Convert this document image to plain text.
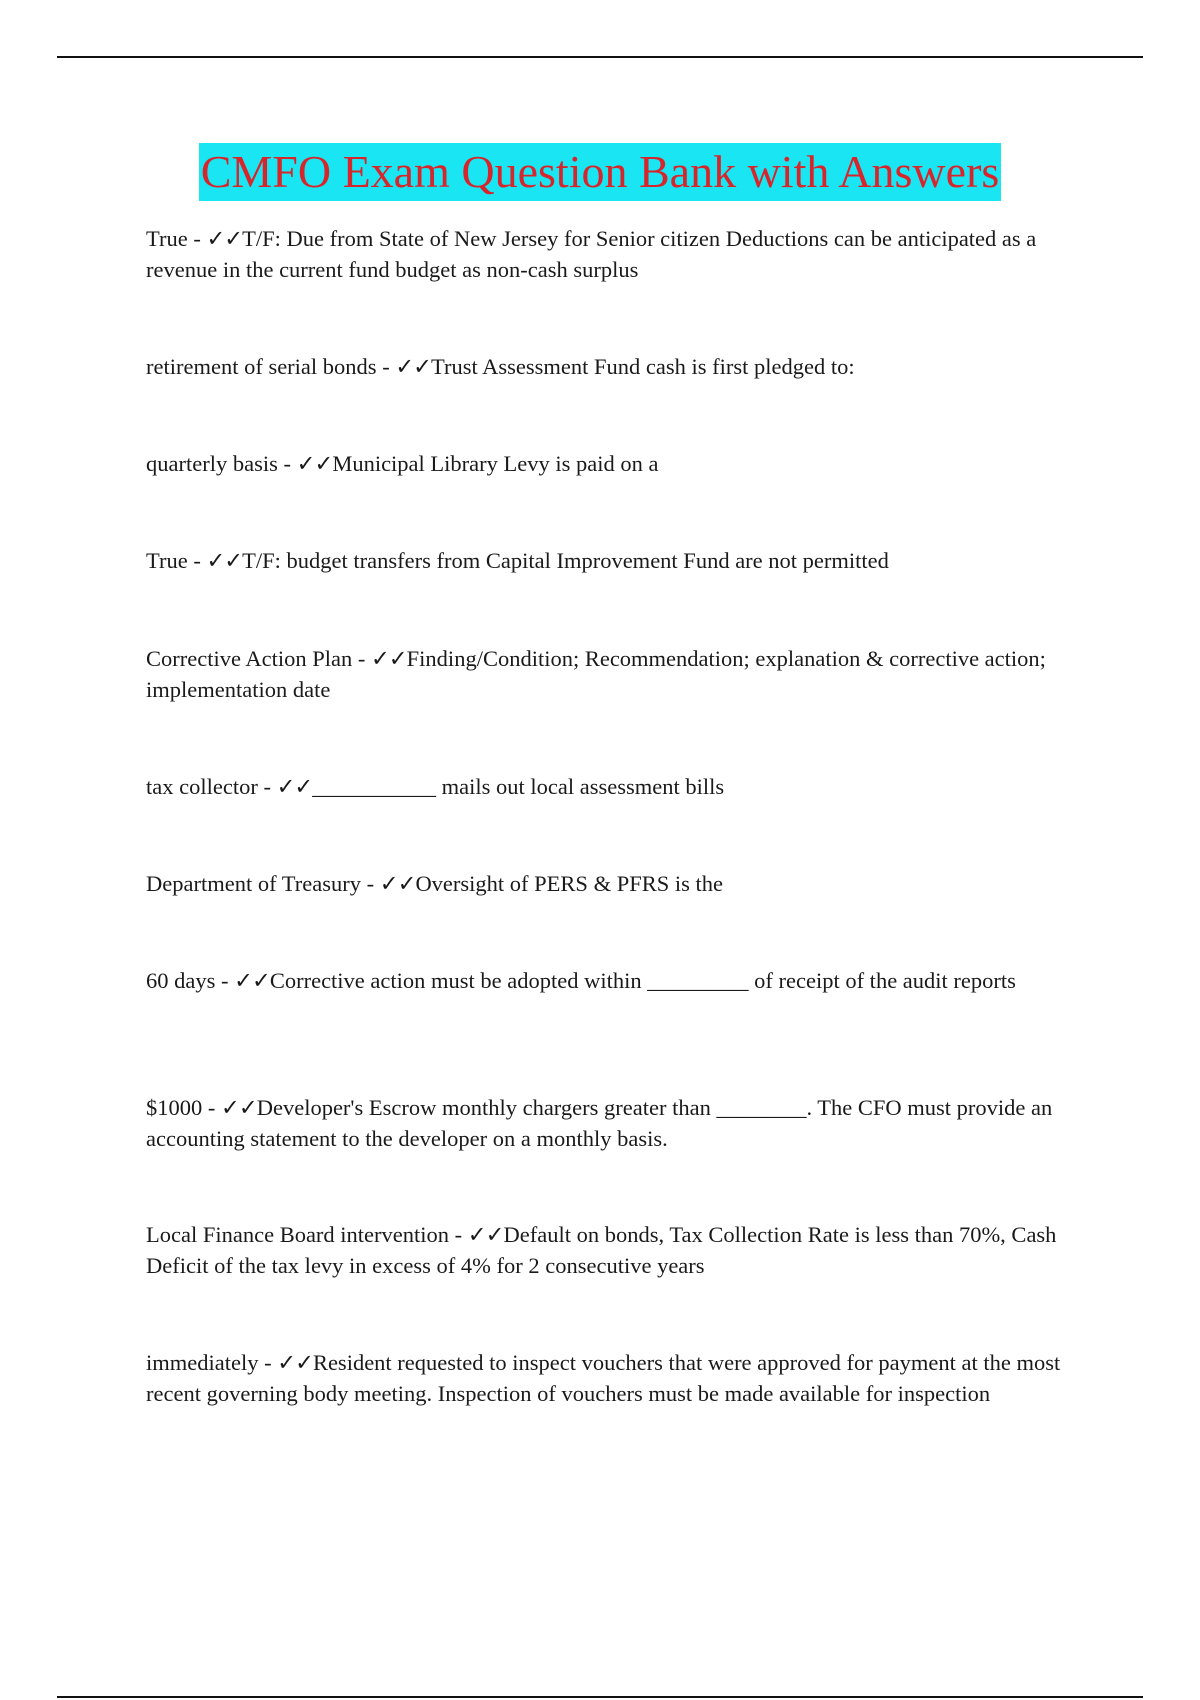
CMFO Exam Question Bank with Answers
True - ✓✓T/F: Due from State of New Jersey for Senior citizen Deductions can be anticipated as a revenue in the current fund budget as non-cash surplus
retirement of serial bonds - ✓✓Trust Assessment Fund cash is first pledged to:
quarterly basis - ✓✓Municipal Library Levy is paid on a
True - ✓✓T/F: budget transfers from Capital Improvement Fund are not permitted
Corrective Action Plan - ✓✓Finding/Condition; Recommendation; explanation & corrective action; implementation date
tax collector - ✓✓___________ mails out local assessment bills
Department of Treasury - ✓✓Oversight of PERS & PFRS is the
60 days - ✓✓Corrective action must be adopted within _________ of receipt of the audit reports
$1000 - ✓✓Developer's Escrow monthly chargers greater than ________. The CFO must provide an accounting statement to the developer on a monthly basis.
Local Finance Board intervention - ✓✓Default on bonds, Tax Collection Rate is less than 70%, Cash Deficit of the tax levy in excess of 4% for 2 consecutive years
immediately - ✓✓Resident requested to inspect vouchers that were approved for payment at the most recent governing body meeting. Inspection of vouchers must be made available for inspection
